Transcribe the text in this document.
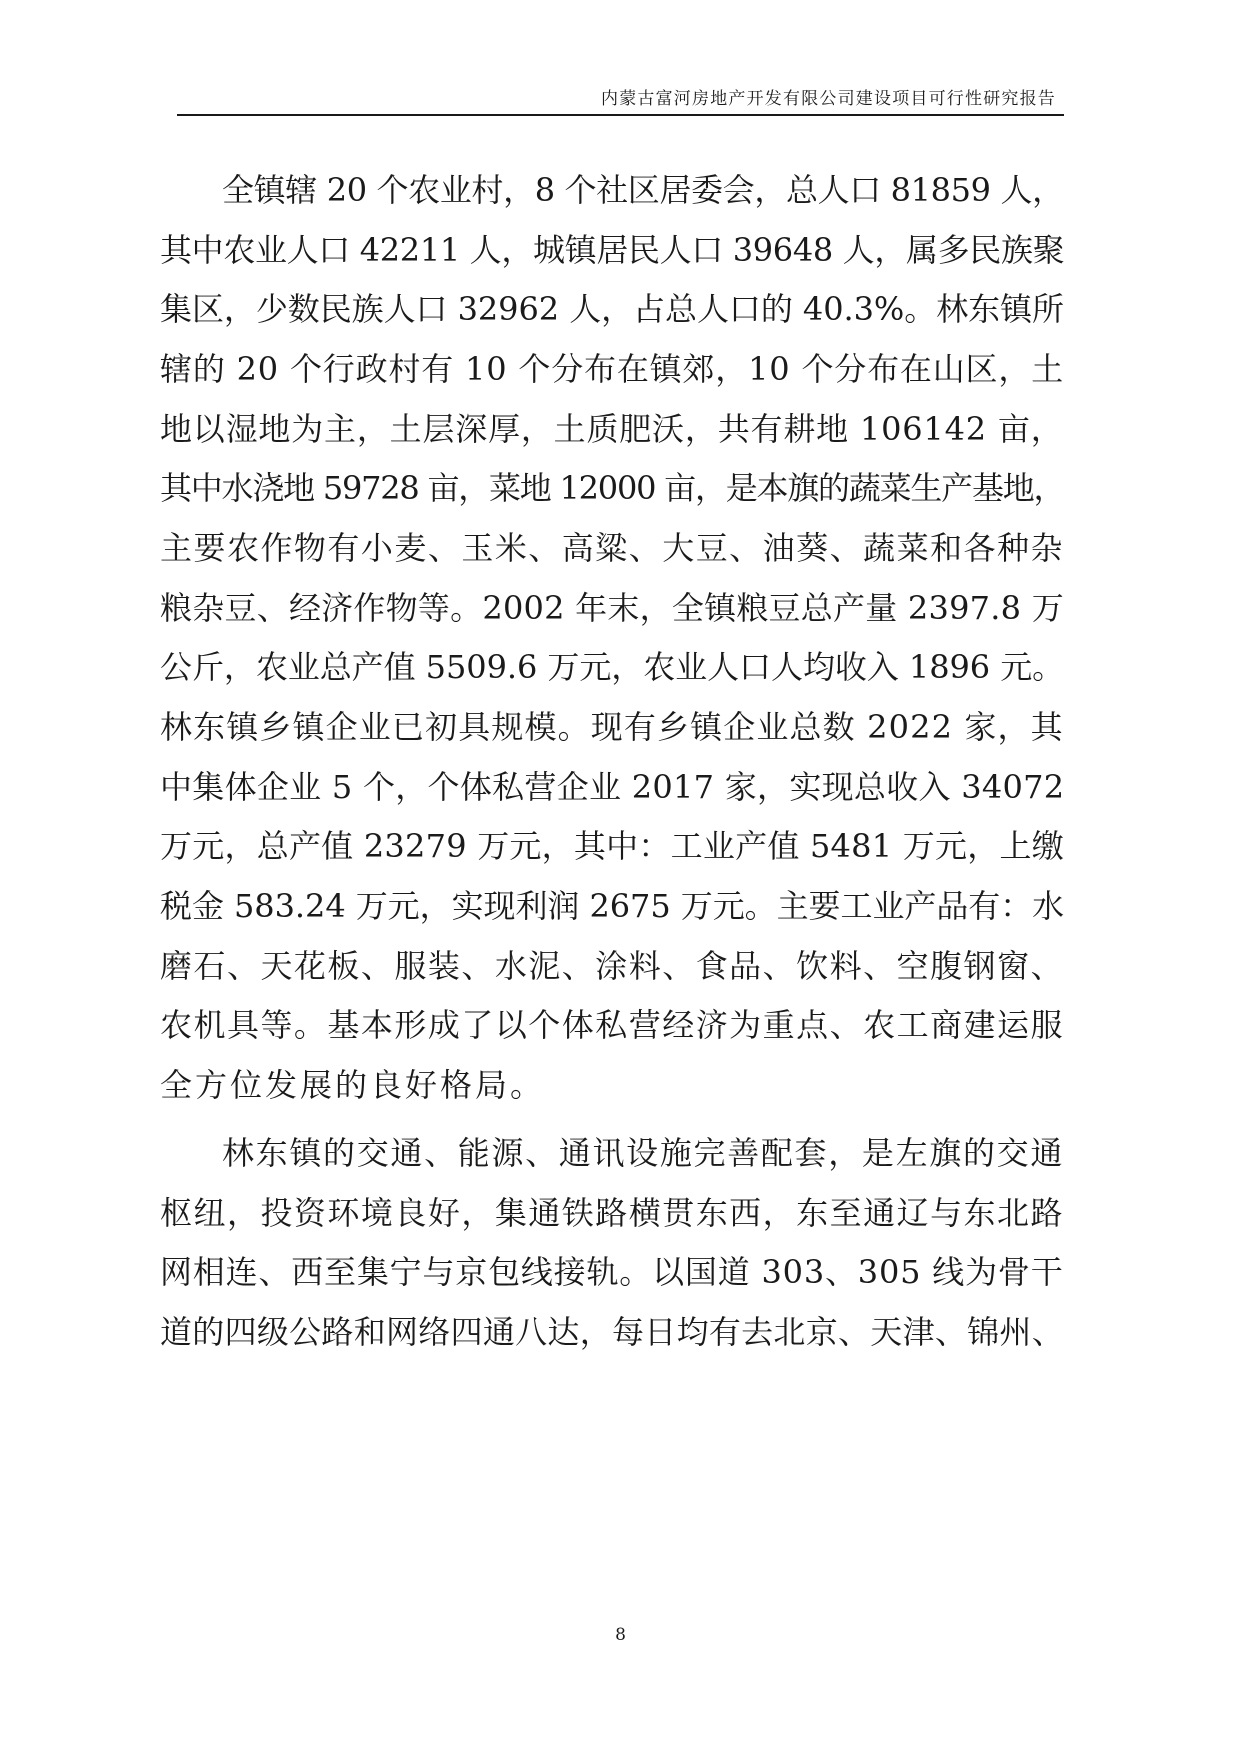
内蒙古富河房地产开发有限公司建设项目可行性研究报告
全镇辖 20 个农业村，8 个社区居委会，总人口 81859 人，
其中农业人口 42211 人，城镇居民人口 39648 人，属多民族聚
集区，少数民族人口 32962 人，占总人口的 40.3%。林东镇所
辖的 20 个行政村有 10 个分布在镇郊，10 个分布在山区，土
地以湿地为主，土层深厚，土质肥沃，共有耕地 106142 亩，
其中水浇地 59728 亩，菜地 12000 亩，是本旗的蔬菜生产基地，
主要农作物有小麦、玉米、高粱、大豆、油葵、蔬菜和各种杂
粮杂豆、经济作物等。2002 年末，全镇粮豆总产量 2397.8 万
公斤，农业总产值 5509.6 万元，农业人口人均收入 1896 元。
林东镇乡镇企业已初具规模。现有乡镇企业总数 2022 家，其
中集体企业 5 个，个体私营企业 2017 家，实现总收入 34072
万元，总产值 23279 万元，其中：工业产值 5481 万元，上缴
税金 583.24 万元，实现利润 2675 万元。主要工业产品有：水
磨石、天花板、服装、水泥、涂料、食品、饮料、空腹钢窗、
农机具等。基本形成了以个体私营经济为重点、农工商建运服
全方位发展的良好格局。
林东镇的交通、能源、通讯设施完善配套，是左旗的交通
枢纽，投资环境良好，集通铁路横贯东西，东至通辽与东北路
网相连、西至集宁与京包线接轨。以国道 303、305 线为骨干
道的四级公路和网络四通八达，每日均有去北京、天津、锦州、
8
